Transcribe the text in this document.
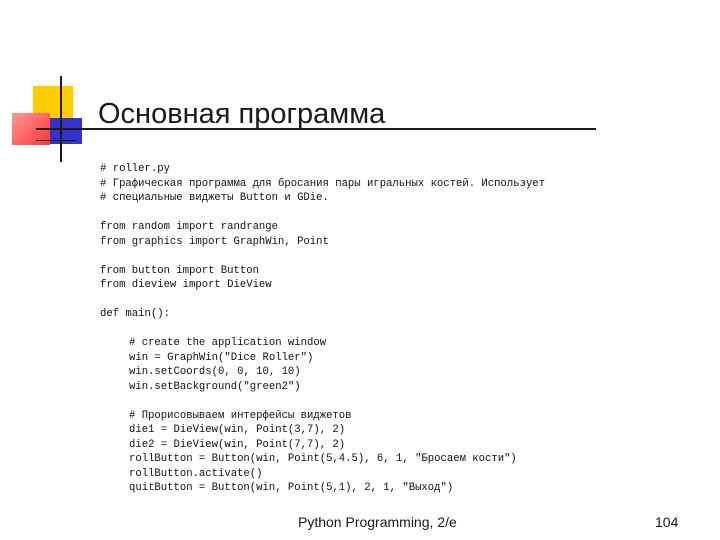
Основная программа
# roller.py
# Графическая программа для бросания пары игральных костей. Использует
# специальные виджеты Button и GDie.
from random import randrange
from graphics import GraphWin, Point
from button import Button
from dieview import DieView
def main():
# create the application window
win = GraphWin("Dice Roller")
win.setCoords(0, 0, 10, 10)
win.setBackground("green2")
# Прорисовываем интерфейсы виджетов
die1 = DieView(win, Point(3,7), 2)
die2 = DieView(win, Point(7,7), 2)
rollButton = Button(win, Point(5,4.5), 6, 1, "Бросаем кости")
rollButton.activate()
quitButton = Button(win, Point(5,1), 2, 1, "Выход")
Python Programming, 2/e	104
